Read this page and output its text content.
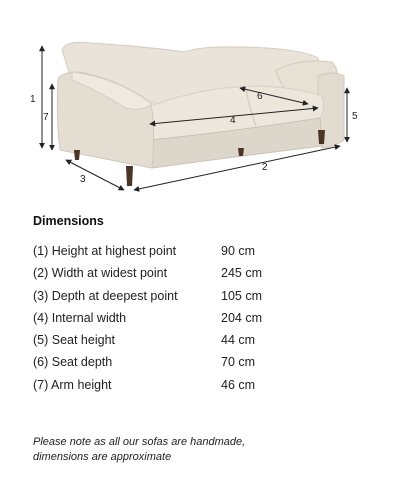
1
7
6
4	5
3
2
Dimensions
(1) Height at highest point	90 cm
(2) Width at widest point	245 cm
(3) Depth at deepest point	105 cm
(4) Internal width	204 cm
(5) Seat height	44 cm
(6) Seat depth	70 cm
(7) Arm height	46 cm
Please note as all our sofas are handmade,
dimensions are approximate
